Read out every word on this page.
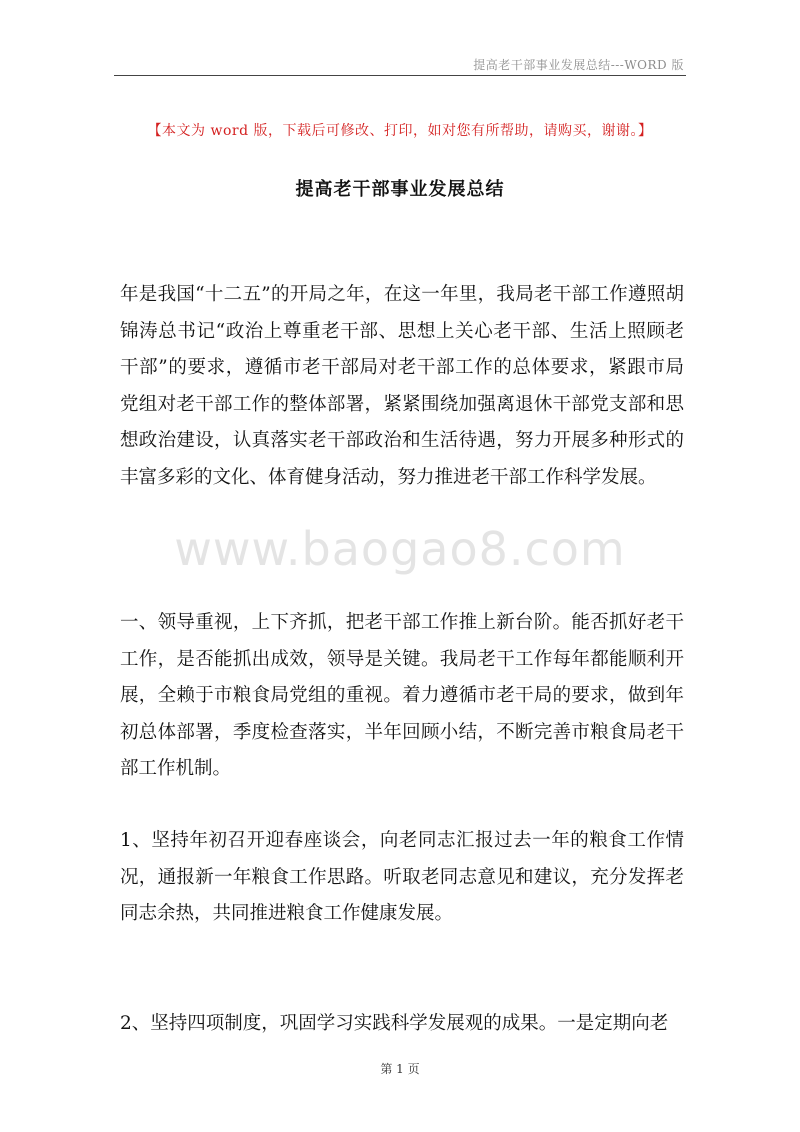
提高老干部事业发展总结---WORD 版
【本文为 word 版，下载后可修改、打印，如对您有所帮助，请购买，谢谢。】
提高老干部事业发展总结
年是我国“十二五”的开局之年，在这一年里，我局老干部工作遵照胡锦涛总书记“政治上尊重老干部、思想上关心老干部、生活上照顾老干部”的要求，遵循市老干部局对老干部工作的总体要求，紧跟市局党组对老干部工作的整体部署，紧紧围绕加强离退休干部党支部和思想政治建设，认真落实老干部政治和生活待遇，努力开展多种形式的丰富多彩的文化、体育健身活动，努力推进老干部工作科学发展。
www.baogao8.com
一、领导重视，上下齐抓，把老干部工作推上新台阶。能否抓好老干工作，是否能抓出成效，领导是关键。我局老干工作每年都能顺利开展，全赖于市粮食局党组的重视。着力遵循市老干局的要求，做到年初总体部署，季度检查落实，半年回顾小结，不断完善市粮食局老干部工作机制。
1、坚持年初召开迎春座谈会，向老同志汇报过去一年的粮食工作情况，通报新一年粮食工作思路。听取老同志意见和建议，充分发挥老同志余热，共同推进粮食工作健康发展。
2、坚持四项制度，巩固学习实践科学发展观的成果。一是定期向老
第 1 页
